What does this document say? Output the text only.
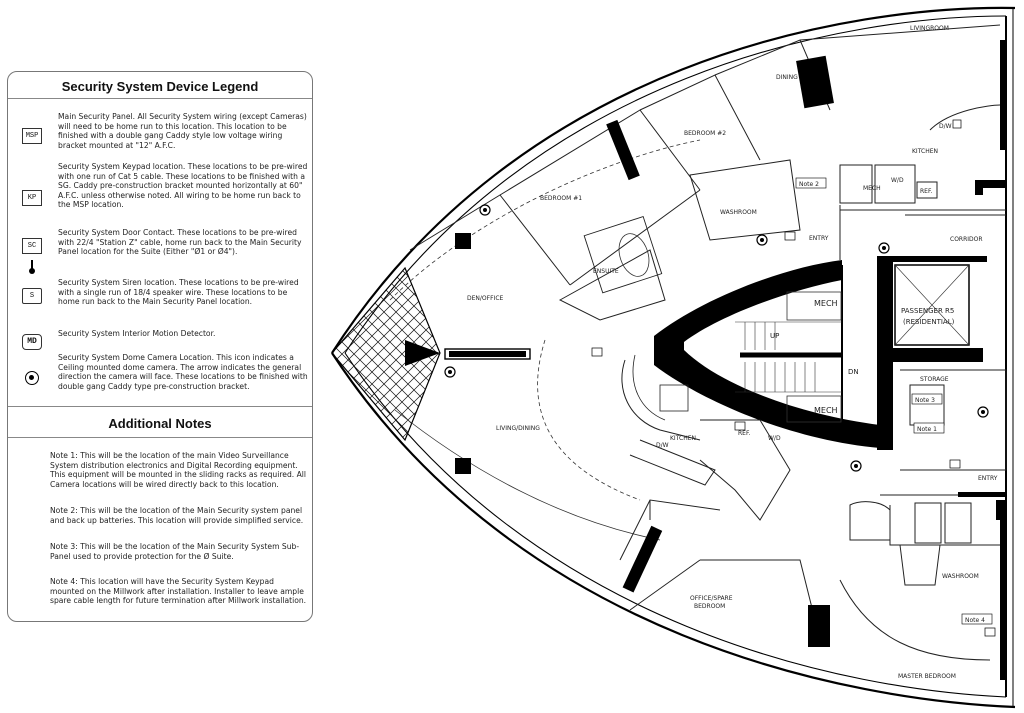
LIVINGROOM
DINING
BEDROOM #2
KITCHEN
BEDROOM #1
WASHROOM
ENTRY	CORRIDOR
ENSUITE
DEN/OFFICE
LIVING/DINING
KITCHEN
OFFICE/SPARE
BEDROOM
WASHROOM
MASTER BEDROOM
ENTRY
STORAGE
MECH
MECH
MECH
PASSENGER R5
(RESIDENTIAL)
UP
DN
Note 2
Note 3
Note 1
Note 4
W/D
REF.
D/W
REF.
W/D
D/W
Security System Device Legend
MSP
Main Security Panel. All Security System wiring (except Cameras) will need to be home run to this location. This location to be finished with a double gang Caddy style low voltage wiring bracket mounted at "12" A.F.C.
KP
Security System Keypad location. These locations to be pre-wired with one run of Cat 5 cable. These locations to be finished with a SG. Caddy pre-construction bracket mounted horizontally at 60" A.F.C. unless otherwise noted. All wiring to be home run back to the MSP location.
SC
Security System Door Contact. These locations to be pre-wired with 22/4 "Station Z" cable, home run back to the Main Security Panel location for the Suite (Either "Ø1 or Ø4").
S
Security System Siren location. These locations to be pre-wired with a single run of 18/4 speaker wire. These locations to be home run back to the Main Security Panel location.
MD
Security System Interior Motion Detector.
Security System Dome Camera Location. This icon indicates a Ceiling mounted dome camera. The arrow indicates the general direction the camera will face. These locations to be finished with double gang Caddy type pre-construction bracket.
Additional Notes
Note 1: This will be the location of the main Video Surveillance System distribution electronics and Digital Recording equipment. This equipment will be mounted in the sliding racks as required. All Camera locations will be wired directly back to this location.
Note 2: This will be the location of the Main Security system panel and back up batteries. This location will provide simplified service.
Note 3: This will be the location of the Main Security System Sub-Panel used to provide protection for the Ø Suite.
Note 4: This location will have the Security System Keypad mounted on the Millwork after installation. Installer to leave ample spare cable length for future termination after Millwork installation.
